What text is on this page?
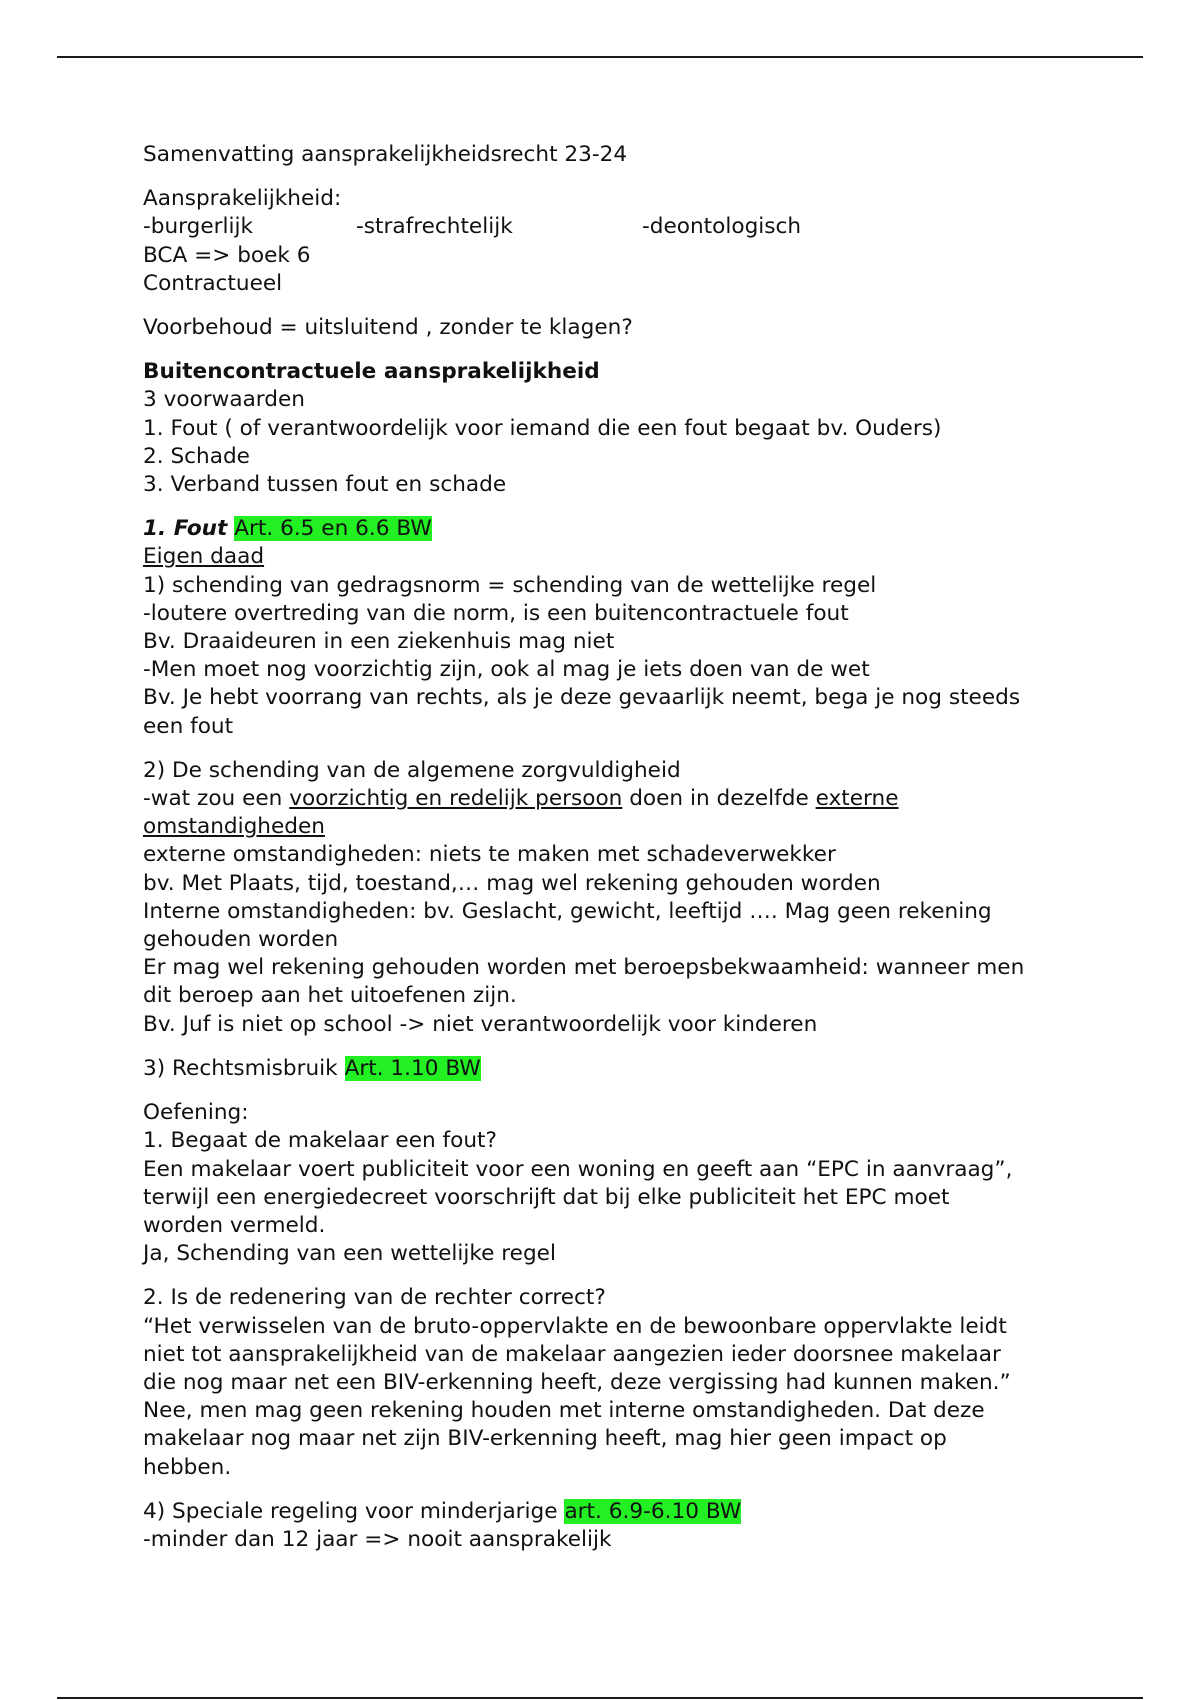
Samenvatting aansprakelijkheidsrecht 23-24
Aansprakelijkheid:
-burgerlijk	-strafrechtelijk	-deontologisch
BCA => boek 6
Contractueel
Voorbehoud = uitsluitend , zonder te klagen?
Buitencontractuele aansprakelijkheid
3 voorwaarden
1. Fout ( of verantwoordelijk voor iemand die een fout begaat bv. Ouders)
2. Schade
3. Verband tussen fout en schade
1. Fout Art. 6.5 en 6.6 BW
Eigen daad
1) schending van gedragsnorm = schending van de wettelijke regel
-loutere overtreding van die norm, is een buitencontractuele fout
Bv. Draaideuren in een ziekenhuis mag niet
-Men moet nog voorzichtig zijn, ook al mag je iets doen van de wet
Bv. Je hebt voorrang van rechts, als je deze gevaarlijk neemt, bega je nog steeds
een fout
2) De schending van de algemene zorgvuldigheid
-wat zou een voorzichtig en redelijk persoon doen in dezelfde externe
omstandigheden
externe omstandigheden: niets te maken met schadeverwekker
bv. Met Plaats, tijd, toestand,… mag wel rekening gehouden worden
Interne omstandigheden: bv. Geslacht, gewicht, leeftijd …. Mag geen rekening
gehouden worden
Er mag wel rekening gehouden worden met beroepsbekwaamheid: wanneer men
dit beroep aan het uitoefenen zijn.
Bv. Juf is niet op school -> niet verantwoordelijk voor kinderen
3) Rechtsmisbruik Art. 1.10 BW
Oefening:
1. Begaat de makelaar een fout?
Een makelaar voert publiciteit voor een woning en geeft aan “EPC in aanvraag”,
terwijl een energiedecreet voorschrijft dat bij elke publiciteit het EPC moet
worden vermeld.
Ja, Schending van een wettelijke regel
2. Is de redenering van de rechter correct?
“Het verwisselen van de bruto-oppervlakte en de bewoonbare oppervlakte leidt
niet tot aansprakelijkheid van de makelaar aangezien ieder doorsnee makelaar
die nog maar net een BIV-erkenning heeft, deze vergissing had kunnen maken.”
Nee, men mag geen rekening houden met interne omstandigheden. Dat deze
makelaar nog maar net zijn BIV-erkenning heeft, mag hier geen impact op
hebben.
4) Speciale regeling voor minderjarige art. 6.9-6.10 BW
-minder dan 12 jaar => nooit aansprakelijk
